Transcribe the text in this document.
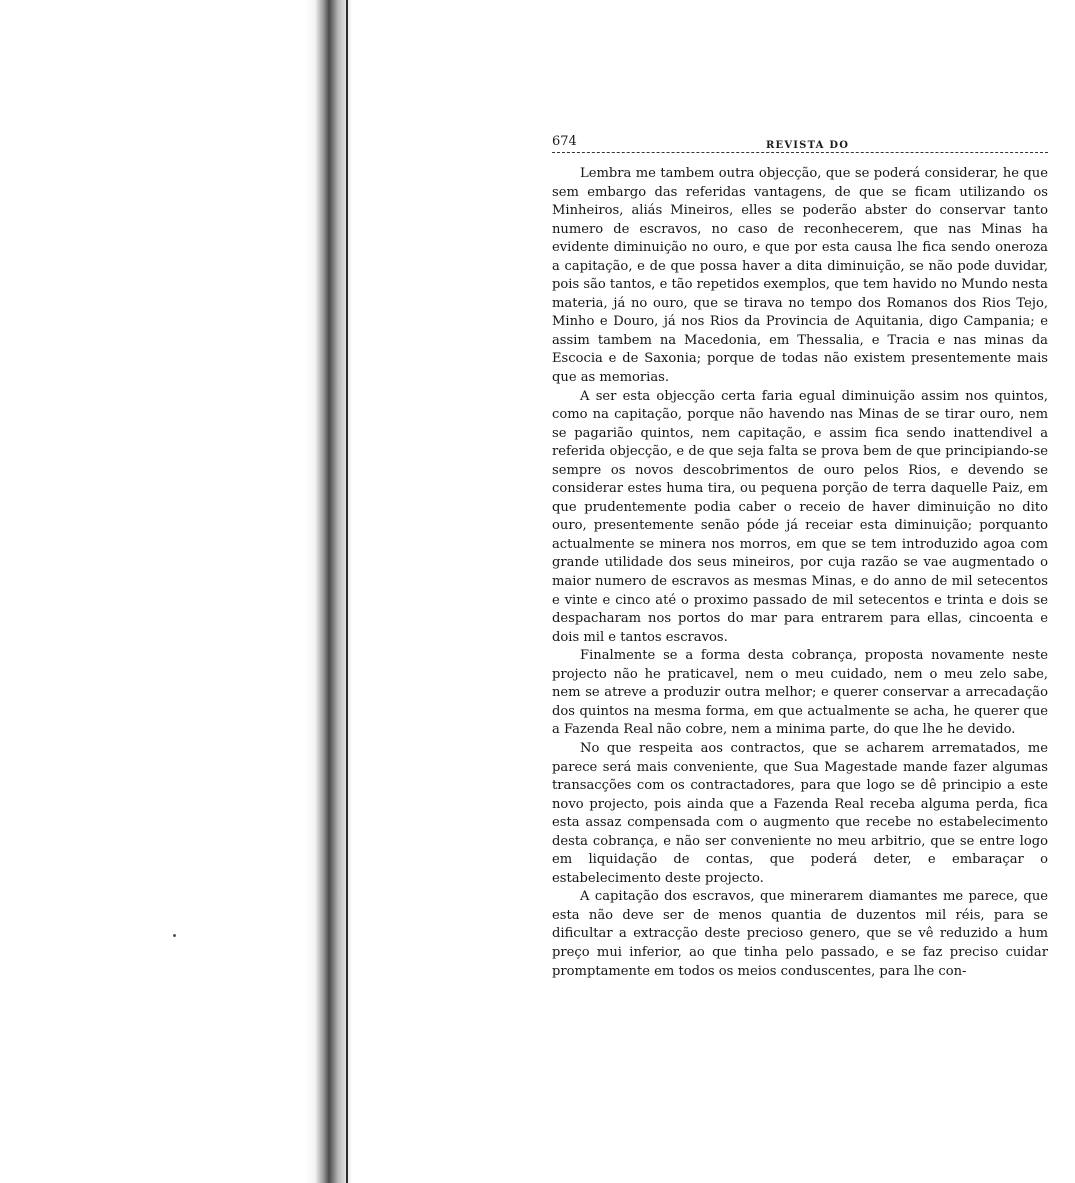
674	REVISTA DO

Lembra me tambem outra objecção, que se poderá considerar, he que sem embargo das referidas vantagens, de que se ficam utilizando os Minheiros, aliás Mineiros, elles se poderão abster do conservar tanto numero de escravos, no caso de reconhecerem, que nas Minas ha evidente diminuição no ouro, e que por esta causa lhe fica sendo oneroza a capitação, e de que possa haver a dita diminuição, se não pode duvidar, pois são tantos, e tão repetidos exemplos, que tem havido no Mundo nesta materia, já no ouro, que se tirava no tempo dos Romanos dos Rios Tejo, Minho e Douro, já nos Rios da Provincia de Aquitania, digo Campania; e assim tambem na Macedonia, em Thessalia, e Tracia e nas minas da Escocia e de Saxonia; porque de todas não existem presentemente mais que as memorias.

A ser esta objecção certa faria egual diminuição assim nos quintos, como na capitação, porque não havendo nas Minas de se tirar ouro, nem se pagarião quintos, nem capitação, e assim fica sendo inattendivel a referida objecção, e de que seja falta se prova bem de que principiando-se sempre os novos descobrimentos de ouro pelos Rios, e devendo se considerar estes huma tira, ou pequena porção de terra daquelle Paiz, em que prudentemente podia caber o receio de haver diminuição no dito ouro, presentemente senão póde já receiar esta diminuição; porquanto actualmente se minera nos morros, em que se tem introduzido agoa com grande utilidade dos seus mineiros, por cuja razão se vae augmentado o maior numero de escravos as mesmas Minas, e do anno de mil setecentos e vinte e cinco até o proximo passado de mil setecentos e trinta e dois se despacharam nos portos do mar para entrarem para ellas, cincoenta e dois mil e tantos escravos.

Finalmente se a forma desta cobrança, proposta novamente neste projecto não he praticavel, nem o meu cuidado, nem o meu zelo sabe, nem se atreve a produzir outra melhor; e querer conservar a arrecadação dos quintos na mesma forma, em que actualmente se acha, he querer que a Fazenda Real não cobre, nem a minima parte, do que lhe he devido.

No que respeita aos contractos, que se acharem arrematados, me parece será mais conveniente, que Sua Magestade mande fazer algumas transacções com os contractadores, para que logo se dê principio a este novo projecto, pois ainda que a Fazenda Real receba alguma perda, fica esta assaz compensada com o augmento que recebe no estabelecimento desta cobrança, e não ser conveniente no meu arbitrio, que se entre logo em liquidação de contas, que poderá deter, e embaraçar o estabelecimento deste projecto.

A capitação dos escravos, que minerarem diamantes me parece, que esta não deve ser de menos quantia de duzentos mil réis, para se dificultar a extracção deste precioso genero, que se vê reduzido a hum preço mui inferior, ao que tinha pelo passado, e se faz preciso cuidar promptamente em todos os meios conduscentes, para lhe con-
